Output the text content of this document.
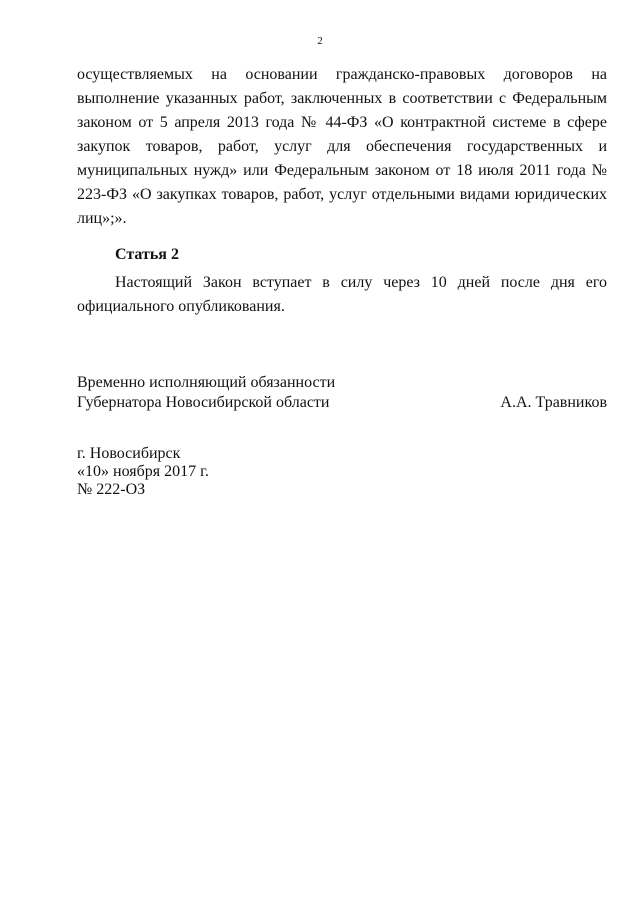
2

осуществляемых на основании гражданско-правовых договоров на выполнение указанных работ, заключенных в соответствии с Федеральным законом от 5 апреля 2013 года № 44-ФЗ «О контрактной системе в сфере закупок товаров, работ, услуг для обеспечения государственных и муниципальных нужд» или Федеральным законом от 18 июля 2011 года № 223-ФЗ «О закупках товаров, работ, услуг отдельными видами юридических лиц»;».

Статья 2

Настоящий Закон вступает в силу через 10 дней после дня его официального опубликования.

Временно исполняющий обязанности
Губернатора Новосибирской области	А.А. Травников
г. Новосибирск
«10» ноября 2017 г.
№ 222-ОЗ
